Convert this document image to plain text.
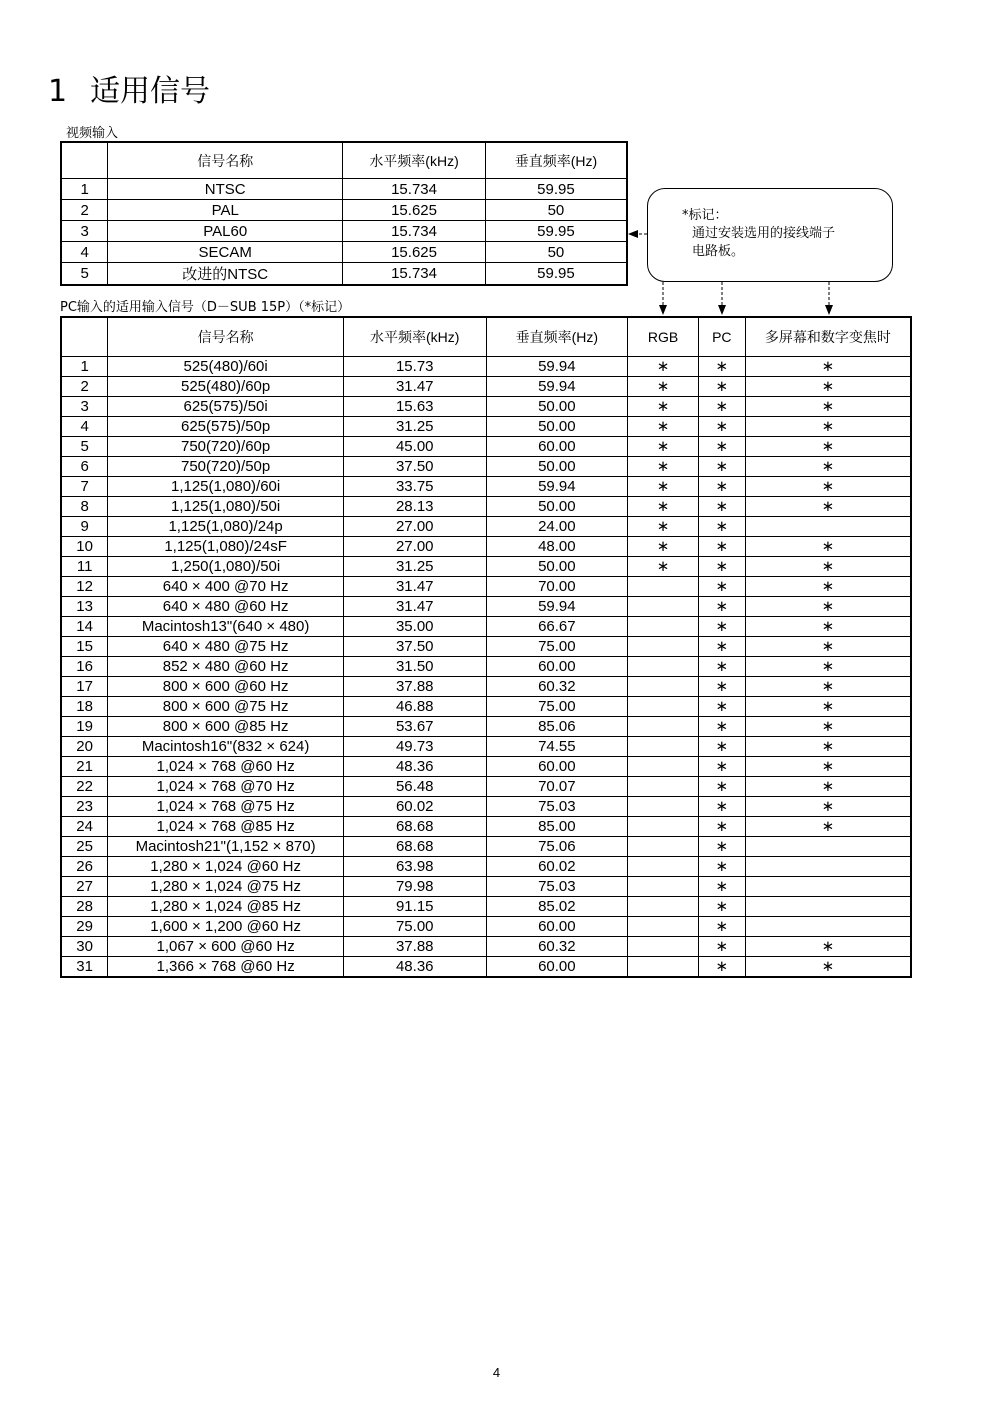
1 适用信号
视频输入
	信号名称	水平频率(kHz)	垂直频率(Hz)
1	NTSC	15.734	59.95
2	PAL	15.625	50
3	PAL60	15.734	59.95
4	SECAM	15.625	50
5	改进的NTSC	15.734	59.95
*标记：
通过安装选用的接线端子
电路板。
PC输入的适用输入信号（D－SUB 15P）（*标记）
	信号名称	水平频率(kHz)	垂直频率(Hz)	RGB	PC	多屏幕和数字变焦时
1	525(480)/60i	15.73	59.94	∗	∗	∗
2	525(480)/60p	31.47	59.94	∗	∗	∗
3	625(575)/50i	15.63	50.00	∗	∗	∗
4	625(575)/50p	31.25	50.00	∗	∗	∗
5	750(720)/60p	45.00	60.00	∗	∗	∗
6	750(720)/50p	37.50	50.00	∗	∗	∗
7	1,125(1,080)/60i	33.75	59.94	∗	∗	∗
8	1,125(1,080)/50i	28.13	50.00	∗	∗	∗
9	1,125(1,080)/24p	27.00	24.00	∗	∗	
10	1,125(1,080)/24sF	27.00	48.00	∗	∗	∗
11	1,250(1,080)/50i	31.25	50.00	∗	∗	∗
12	640 × 400 @70 Hz	31.47	70.00		∗	∗
13	640 × 480 @60 Hz	31.47	59.94		∗	∗
14	Macintosh13"(640 × 480)	35.00	66.67		∗	∗
15	640 × 480 @75 Hz	37.50	75.00		∗	∗
16	852 × 480 @60 Hz	31.50	60.00		∗	∗
17	800 × 600 @60 Hz	37.88	60.32		∗	∗
18	800 × 600 @75 Hz	46.88	75.00		∗	∗
19	800 × 600 @85 Hz	53.67	85.06		∗	∗
20	Macintosh16"(832 × 624)	49.73	74.55		∗	∗
21	1,024 × 768 @60 Hz	48.36	60.00		∗	∗
22	1,024 × 768 @70 Hz	56.48	70.07		∗	∗
23	1,024 × 768 @75 Hz	60.02	75.03		∗	∗
24	1,024 × 768 @85 Hz	68.68	85.00		∗	∗
25	Macintosh21"(1,152 × 870)	68.68	75.06		∗	
26	1,280 × 1,024 @60 Hz	63.98	60.02		∗	
27	1,280 × 1,024 @75 Hz	79.98	75.03		∗	
28	1,280 × 1,024 @85 Hz	91.15	85.02		∗	
29	1,600 × 1,200 @60 Hz	75.00	60.00		∗	
30	1,067 × 600 @60 Hz	37.88	60.32		∗	∗
31	1,366 × 768 @60 Hz	48.36	60.00		∗	∗
4
